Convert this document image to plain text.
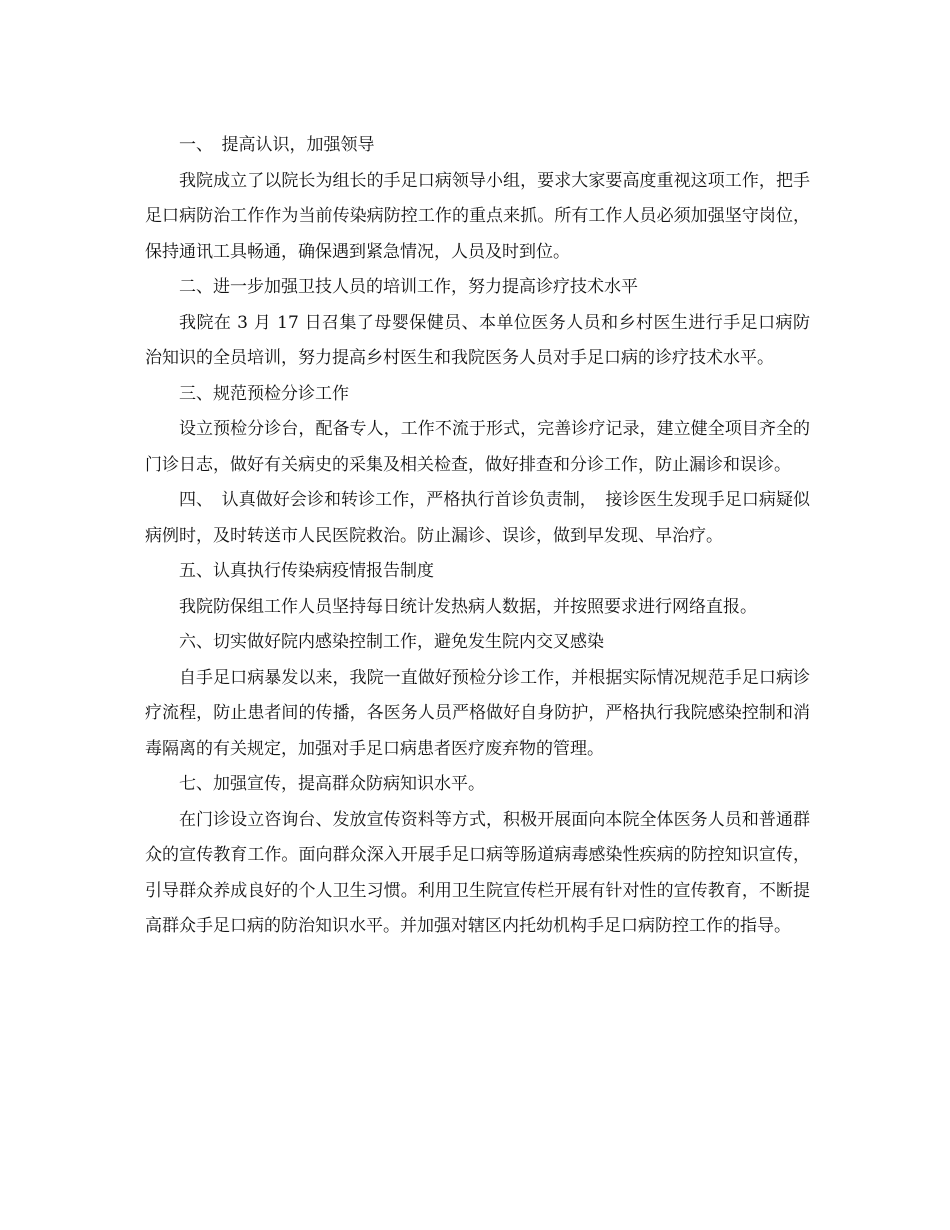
一、　提高认识，加强领导

我院成立了以院长为组长的手足口病领导小组，要求大家要高度重视这项工作，把手足口病防治工作作为当前传染病防控工作的重点来抓。所有工作人员必须加强坚守岗位，保持通讯工具畅通，确保遇到紧急情况，人员及时到位。

二、进一步加强卫技人员的培训工作，努力提高诊疗技术水平

我院在 3 月 17 日召集了母婴保健员、本单位医务人员和乡村医生进行手足口病防治知识的全员培训，努力提高乡村医生和我院医务人员对手足口病的诊疗技术水平。

三、规范预检分诊工作

设立预检分诊台，配备专人，工作不流于形式，完善诊疗记录，建立健全项目齐全的门诊日志，做好有关病史的采集及相关检查，做好排查和分诊工作，防止漏诊和误诊。

四、　认真做好会诊和转诊工作，严格执行首诊负责制，　接诊医生发现手足口病疑似病例时，及时转送市人民医院救治。防止漏诊、误诊，做到早发现、早治疗。

五、认真执行传染病疫情报告制度

我院防保组工作人员坚持每日统计发热病人数据，并按照要求进行网络直报。

六、切实做好院内感染控制工作，避免发生院内交叉感染

自手足口病暴发以来，我院一直做好预检分诊工作，并根据实际情况规范手足口病诊疗流程，防止患者间的传播，各医务人员严格做好自身防护，严格执行我院感染控制和消毒隔离的有关规定，加强对手足口病患者医疗废弃物的管理。

七、加强宣传，提高群众防病知识水平。

在门诊设立咨询台、发放宣传资料等方式，积极开展面向本院全体医务人员和普通群众的宣传教育工作。面向群众深入开展手足口病等肠道病毒感染性疾病的防控知识宣传，引导群众养成良好的个人卫生习惯。利用卫生院宣传栏开展有针对性的宣传教育，不断提高群众手足口病的防治知识水平。并加强对辖区内托幼机构手足口病防控工作的指导。
